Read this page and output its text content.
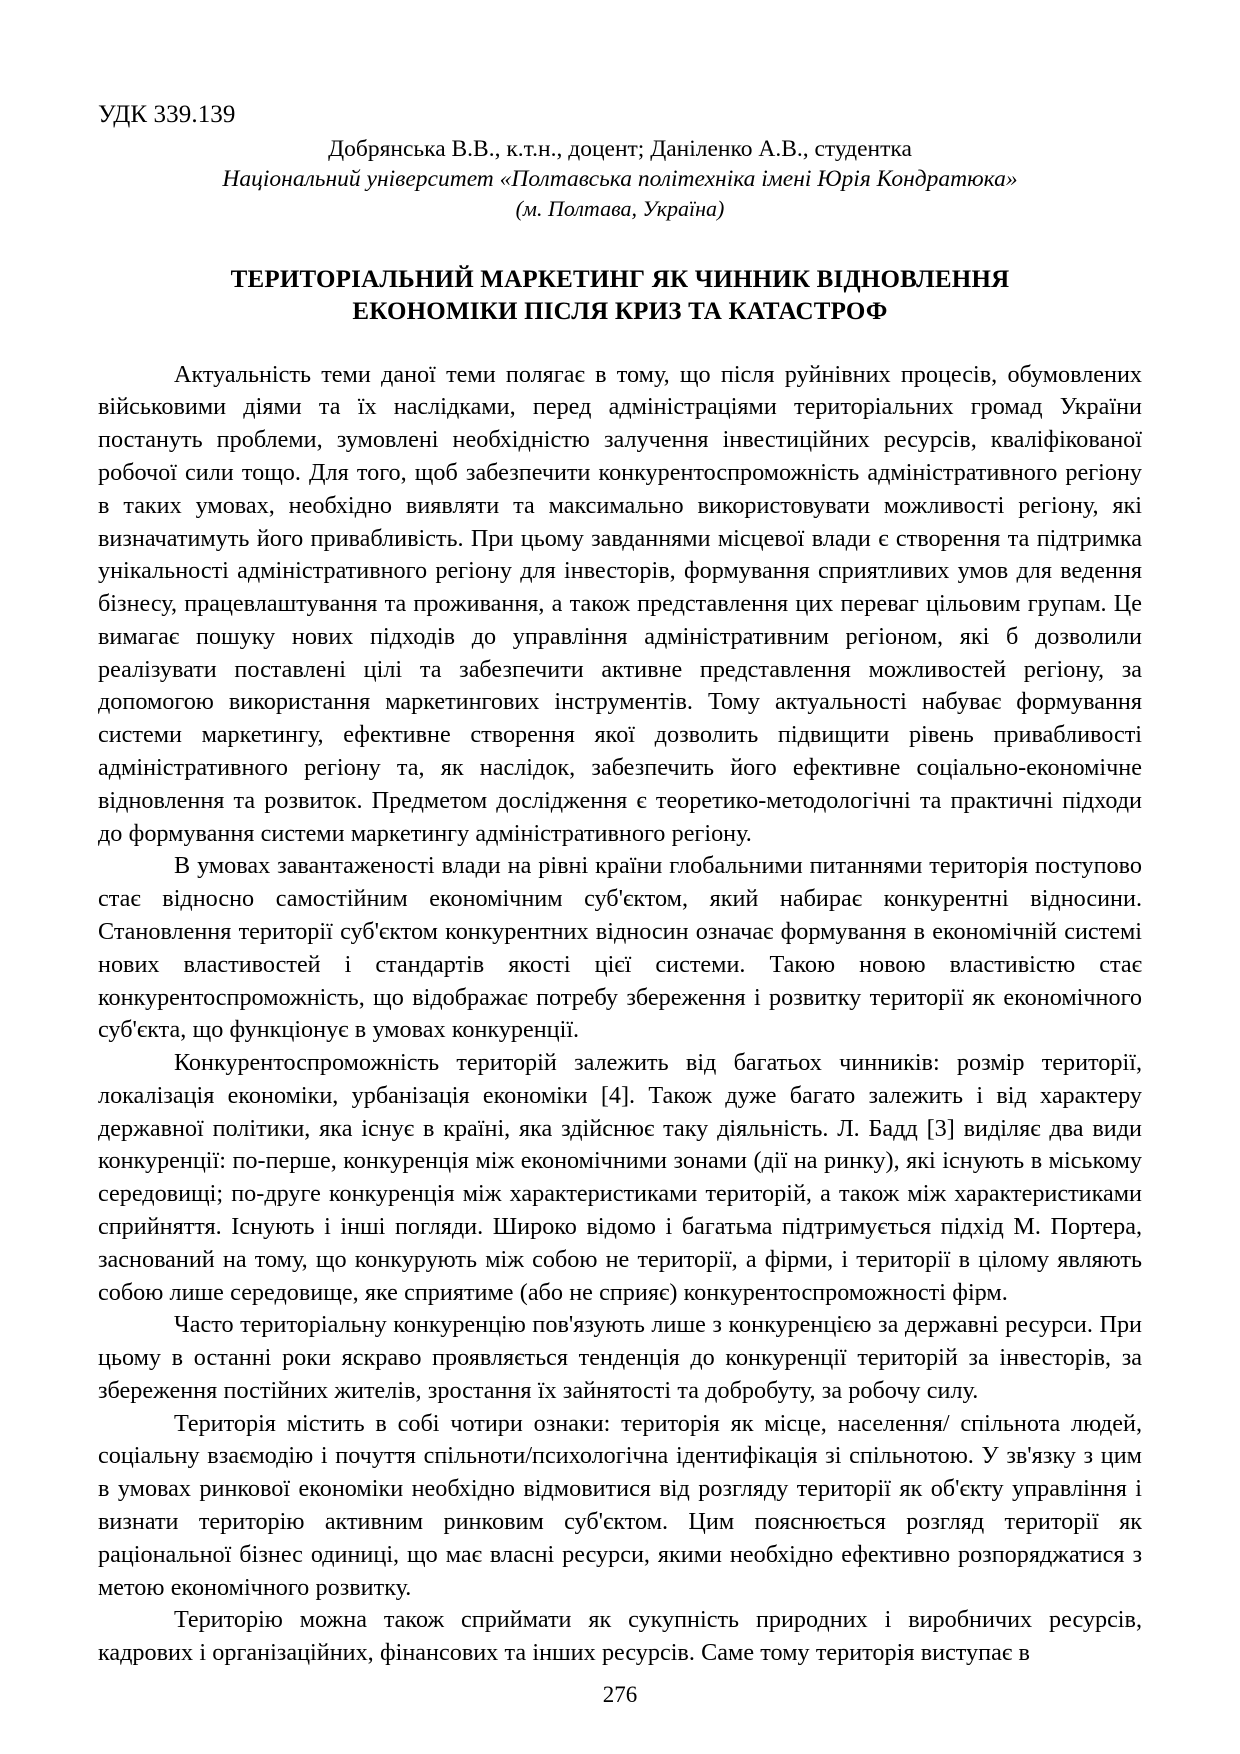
УДК 339.139
Добрянська В.В., к.т.н., доцент; Даніленко А.В., студентка
Національний університет «Полтавська політехніка імені Юрія Кондратюка»
(м. Полтава, Україна)
ТЕРИТОРІАЛЬНИЙ МАРКЕТИНГ ЯК ЧИННИК ВІДНОВЛЕННЯ
ЕКОНОМІКИ ПІСЛЯ КРИЗ ТА КАТАСТРОФ

Актуальність теми даної теми полягає в тому, що після руйнівних процесів, обумовлених військовими діями та їх наслідками, перед адміністраціями територіальних громад України постануть проблеми, зумовлені необхідністю залучення інвестиційних ресурсів, кваліфікованої робочої сили тощо. Для того, щоб забезпечити конкурентоспроможність адміністративного регіону в таких умовах, необхідно виявляти та максимально використовувати можливості регіону, які визначатимуть його привабливість. При цьому завданнями місцевої влади є створення та підтримка унікальності адміністративного регіону для інвесторів, формування сприятливих умов для ведення бізнесу, працевлаштування та проживання, а також представлення цих переваг цільовим групам. Це вимагає пошуку нових підходів до управління адміністративним регіоном, які б дозволили реалізувати поставлені цілі та забезпечити активне представлення можливостей регіону, за допомогою використання маркетингових інструментів. Тому актуальності набуває формування системи маркетингу, ефективне створення якої дозволить підвищити рівень привабливості адміністративного регіону та, як наслідок, забезпечить його ефективне соціально-економічне відновлення та розвиток. Предметом дослідження є теоретико-методологічні та практичні підходи до формування системи маркетингу адміністративного регіону.

В умовах завантаженості влади на рівні країни глобальними питаннями територія поступово стає відносно самостійним економічним суб'єктом, який набирає конкурентні відносини. Становлення території суб'єктом конкурентних відносин означає формування в економічній системі нових властивостей і стандартів якості цієї системи. Такою новою властивістю стає конкурентоспроможність, що відображає потребу збереження і розвитку території як економічного суб'єкта, що функціонує в умовах конкуренції.

Конкурентоспроможність територій залежить від багатьох чинників: розмір території, локалізація економіки, урбанізація економіки [4]. Також дуже багато залежить і від характеру державної політики, яка існує в країні, яка здійснює таку діяльність. Л. Бадд [3] виділяє два види конкуренції: по-перше, конкуренція між економічними зонами (дії на ринку), які існують в міському середовищі; по-друге конкуренція між характеристиками територій, а також між характеристиками сприйняття. Існують і інші погляди. Широко відомо і багатьма підтримується підхід М. Портера, заснований на тому, що конкурують між собою не території, а фірми, і території в цілому являють собою лише середовище, яке сприятиме (або не сприяє) конкурентоспроможності фірм.

Часто територіальну конкуренцію пов'язують лише з конкуренцією за державні ресурси. При цьому в останні роки яскраво проявляється тенденція до конкуренції територій за інвесторів, за збереження постійних жителів, зростання їх зайнятості та добробуту, за робочу силу.

Територія містить в собі чотири ознаки: територія як місце, населення/ спільнота людей, соціальну взаємодію і почуття спільноти/психологічна ідентифікація зі спільнотою. У зв'язку з цим в умовах ринкової економіки необхідно відмовитися від розгляду території як об'єкту управління і визнати територію активним ринковим суб'єктом. Цим пояснюється розгляд території як раціональної бізнес одиниці, що має власні ресурси, якими необхідно ефективно розпоряджатися з метою економічного розвитку.

Територію можна також сприймати як сукупність природних і виробничих ресурсів, кадрових і організаційних, фінансових та інших ресурсів. Саме тому територія виступає в

276
